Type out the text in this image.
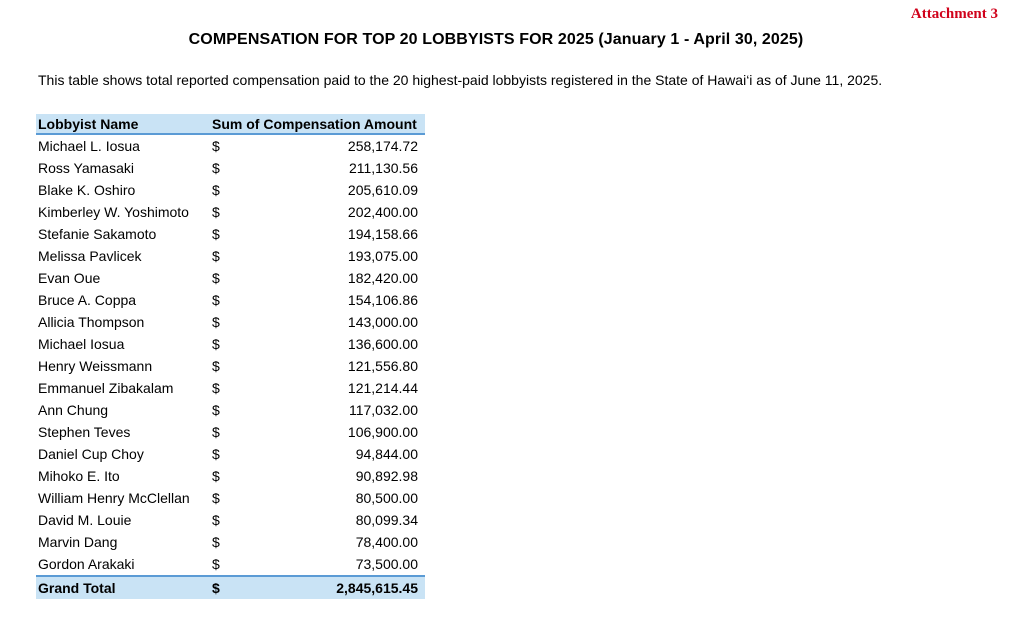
Attachment 3
COMPENSATION FOR TOP 20 LOBBYISTS FOR 2025 (January 1 - April 30, 2025)
This table shows total reported compensation paid to the 20 highest-paid lobbyists registered in the State of Hawai‘i as of June 11, 2025.
Lobbyist Name	Sum of Compensation Amount	
Michael L. Iosua	$	258,174.72
Ross Yamasaki	$	211,130.56
Blake K. Oshiro	$	205,610.09
Kimberley W. Yoshimoto	$	202,400.00
Stefanie Sakamoto	$	194,158.66
Melissa Pavlicek	$	193,075.00
Evan Oue	$	182,420.00
Bruce A. Coppa	$	154,106.86
Allicia Thompson	$	143,000.00
Michael Iosua	$	136,600.00
Henry Weissmann	$	121,556.80
Emmanuel Zibakalam	$	121,214.44
Ann Chung	$	117,032.00
Stephen Teves	$	106,900.00
Daniel Cup Choy	$	94,844.00
Mihoko E. Ito	$	90,892.98
William Henry McClellan	$	80,500.00
David M. Louie	$	80,099.34
Marvin Dang	$	78,400.00
Gordon Arakaki	$	73,500.00
Grand Total	$	2,845,615.45
